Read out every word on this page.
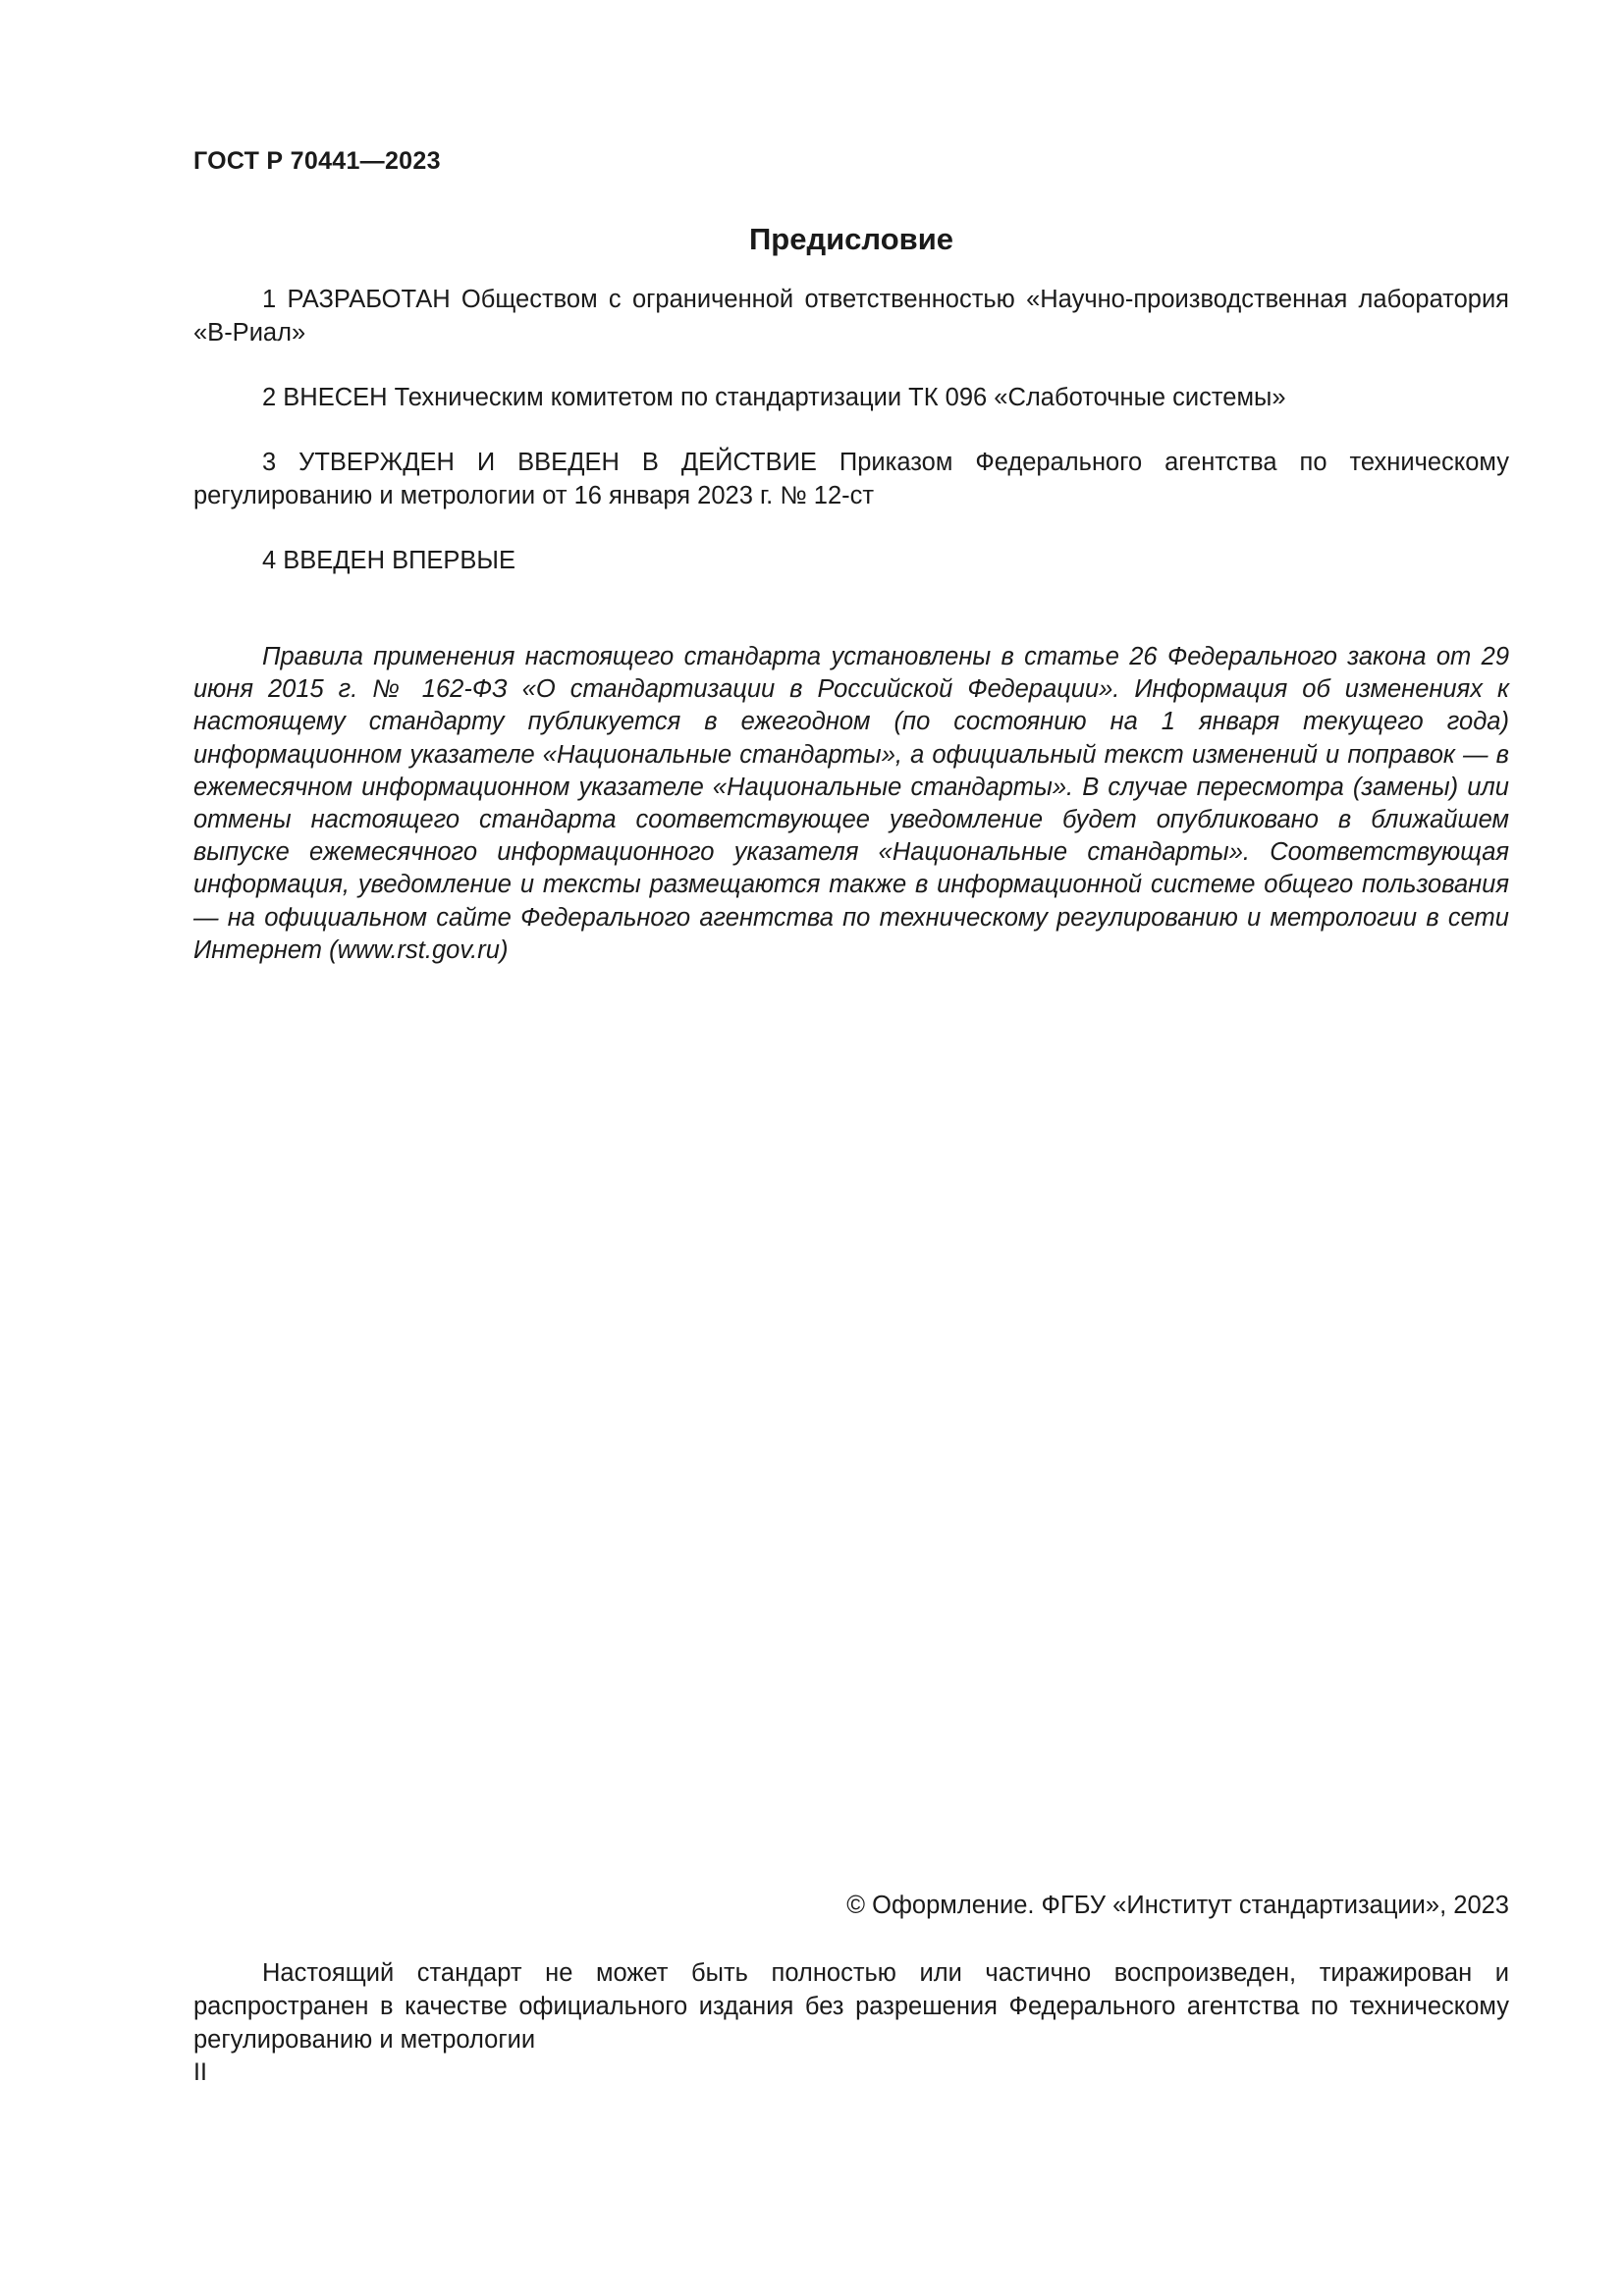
ГОСТ Р 70441—2023
Предисловие

1 РАЗРАБОТАН Обществом с ограниченной ответственностью «Научно-производственная лаборатория «В-Риал»

2 ВНЕСЕН Техническим комитетом по стандартизации ТК 096 «Слаботочные системы»

3 УТВЕРЖДЕН И ВВЕДЕН В ДЕЙСТВИЕ Приказом Федерального агентства по техническому регулированию и метрологии от 16 января 2023 г. № 12-ст

4 ВВЕДЕН ВПЕРВЫЕ

Правила применения настоящего стандарта установлены в статье 26 Федерального закона от 29 июня 2015 г. № 162-ФЗ «О стандартизации в Российской Федерации». Информация об изменениях к настоящему стандарту публикуется в ежегодном (по состоянию на 1 января текущего года) информационном указателе «Национальные стандарты», а официальный текст изменений и поправок — в ежемесячном информационном указателе «Национальные стандарты». В случае пересмотра (замены) или отмены настоящего стандарта соответствующее уведомление будет опубликовано в ближайшем выпуске ежемесячного информационного указателя «Национальные стандарты». Соответствующая информация, уведомление и тексты размещаются также в информационной системе общего пользования — на официальном сайте Федерального агентства по техническому регулированию и метрологии в сети Интернет (www.rst.gov.ru)

© Оформление. ФГБУ «Институт стандартизации», 2023

Настоящий стандарт не может быть полностью или частично воспроизведен, тиражирован и распространен в качестве официального издания без разрешения Федерального агентства по техническому регулированию и метрологии

II
